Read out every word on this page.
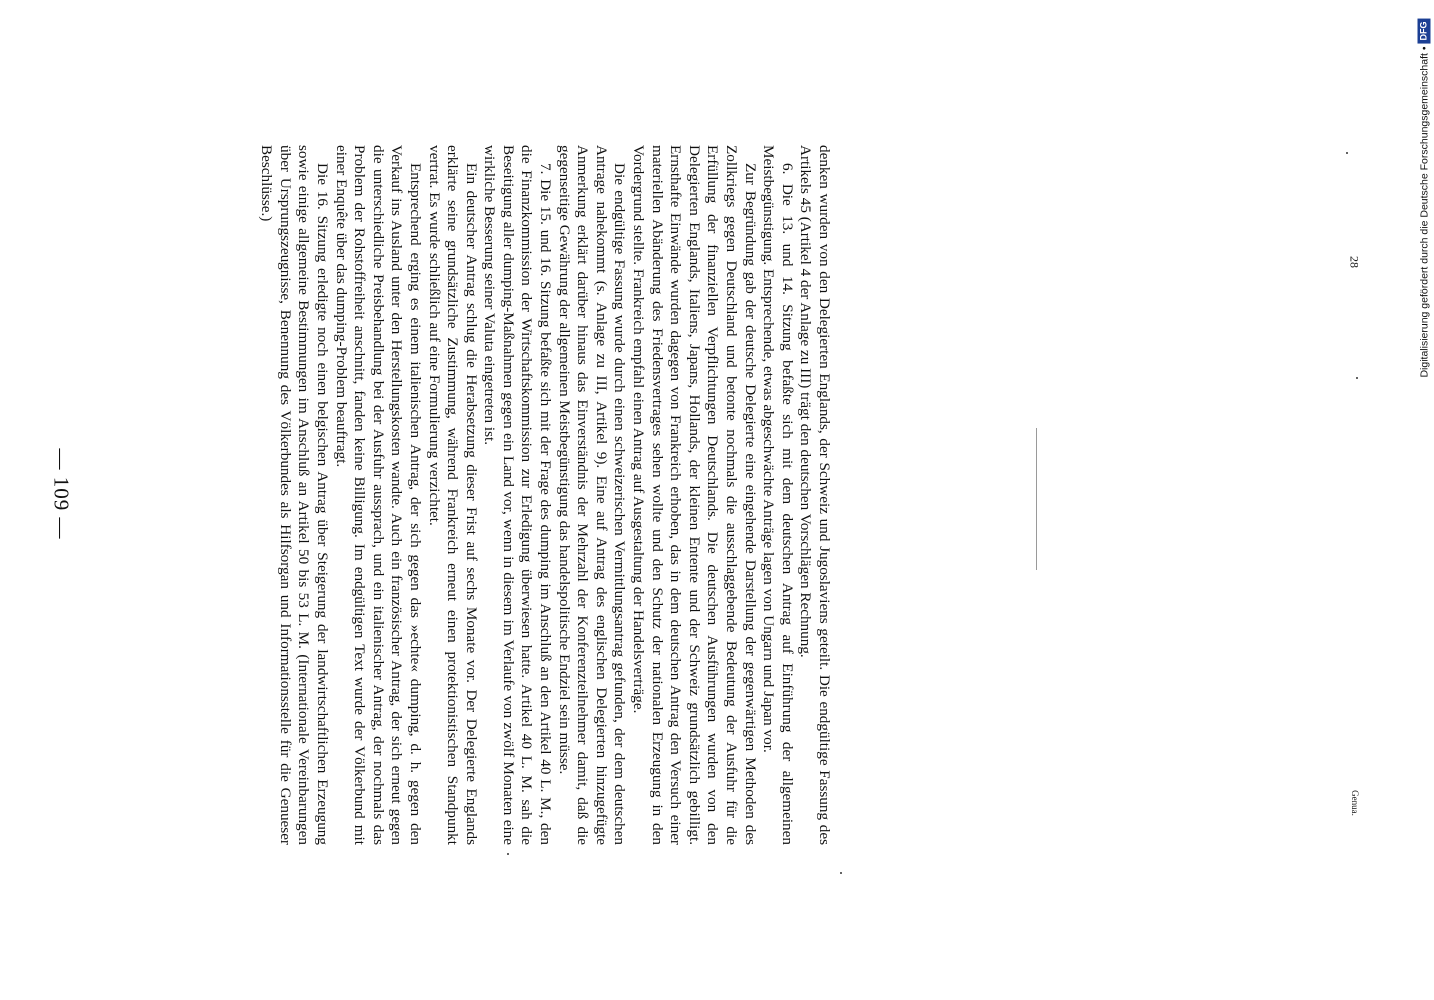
— 109 —	denken wurden von den Delegierten Englands, der Schweiz und Jugoslaviens geteilt. Die endgültige Fassung des Artikels 45 (Artikel 4 der Anlage zu III) trägt den deutschen Vorschlägen Rechnung.

6. Die 13. und 14. Sitzung befaßte sich mit dem deutschen Antrag auf Einführung der allgemeinen Meistbegünstigung. Entsprechende, etwas abgeschwächte Anträge lagen von Ungarn und Japan vor.

Zur Begründung gab der deutsche Delegierte eine eingehende Darstellung der gegenwärtigen Methoden des Zollkriegs gegen Deutschland und betonte nochmals die ausschlaggebende Bedeutung der Ausfuhr für die Erfüllung der finanziellen Verpflichtungen Deutschlands. Die deutschen Ausführungen wurden von den Delegierten Englands, Italiens, Japans, Hollands, der kleinen Entente und der Schweiz grundsätzlich gebilligt. Ernsthafte Einwände wurden dagegen von Frankreich erhoben, das in dem deutschen Antrag den Versuch einer materiellen Abänderung des Friedensvertrages sehen wollte und den Schutz der nationalen Erzeugung in den Vordergrund stellte. Frankreich empfahl einen Antrag auf Ausgestaltung der Handelsverträge.

Die endgültige Fassung wurde durch einen schweizerischen Vermittlungsantrag gefunden, der dem deutschen Antrage nahekommt (s. Anlage zu III, Artikel 9). Eine auf Antrag des englischen Delegierten hinzugefügte Anmerkung erklärt darüber hinaus das Einverständnis der Mehrzahl der Konferenzteilnehmer damit, daß die gegenseitige Gewährung der allgemeinen Meistbegünstigung das handelspolitische Endziel sein müsse.

7. Die 15. und 16. Sitzung befaßte sich mit der Frage des dumping im Anschluß an den Artikel 40 L. M., den die Finanzkommission der Wirtschaftskommission zur Erledigung überwiesen hatte. Artikel 40 L. M. sah die Beseitigung aller dumping-Maßnahmen gegen ein Land vor, wenn in diesem im Verlaufe von zwölf Monaten eine wirkliche Besserung seiner Valuta eingetreten ist.

Ein deutscher Antrag schlug die Herabsetzung dieser Frist auf sechs Monate vor. Der Delegierte Englands erklärte seine grundsätzliche Zustimmung, während Frankreich erneut einen protektionistischen Standpunkt vertrat. Es wurde schließlich auf eine Formulierung verzichtet.

Entsprechend erging es einem italienischen Antrag, der sich gegen das »echte« dumping, d. h. gegen den Verkauf ins Ausland unter den Herstellungskosten wandte. Auch ein französischer Antrag, der sich erneut gegen die unterschiedliche Preisbehandlung bei der Ausfuhr aussprach, und ein italienischer Antrag, der nochmals das Problem der Rohstoffreiheit anschnitt, fanden keine Billigung. Im endgültigen Text wurde der Völkerbund mit einer Enquête über das dumping-Problem beauftragt.

Die 16. Sitzung erledigte noch einen belgischen Antrag über Steigerung der landwirtschaftlichen Erzeugung sowie einige allgemeine Bestimmungen im Anschluß an Artikel 50 bis 53 L. M. (Internationale Vereinbarungen über Ursprungszeugnisse, Benennung des Völkerbundes als Hilfsorgan und Informationsstelle für die Genueser Beschlüsse.)

Genua.
28	Digitalisierung gefördert durch die Deutsche Forschungsgemeinschaft •
DFG
